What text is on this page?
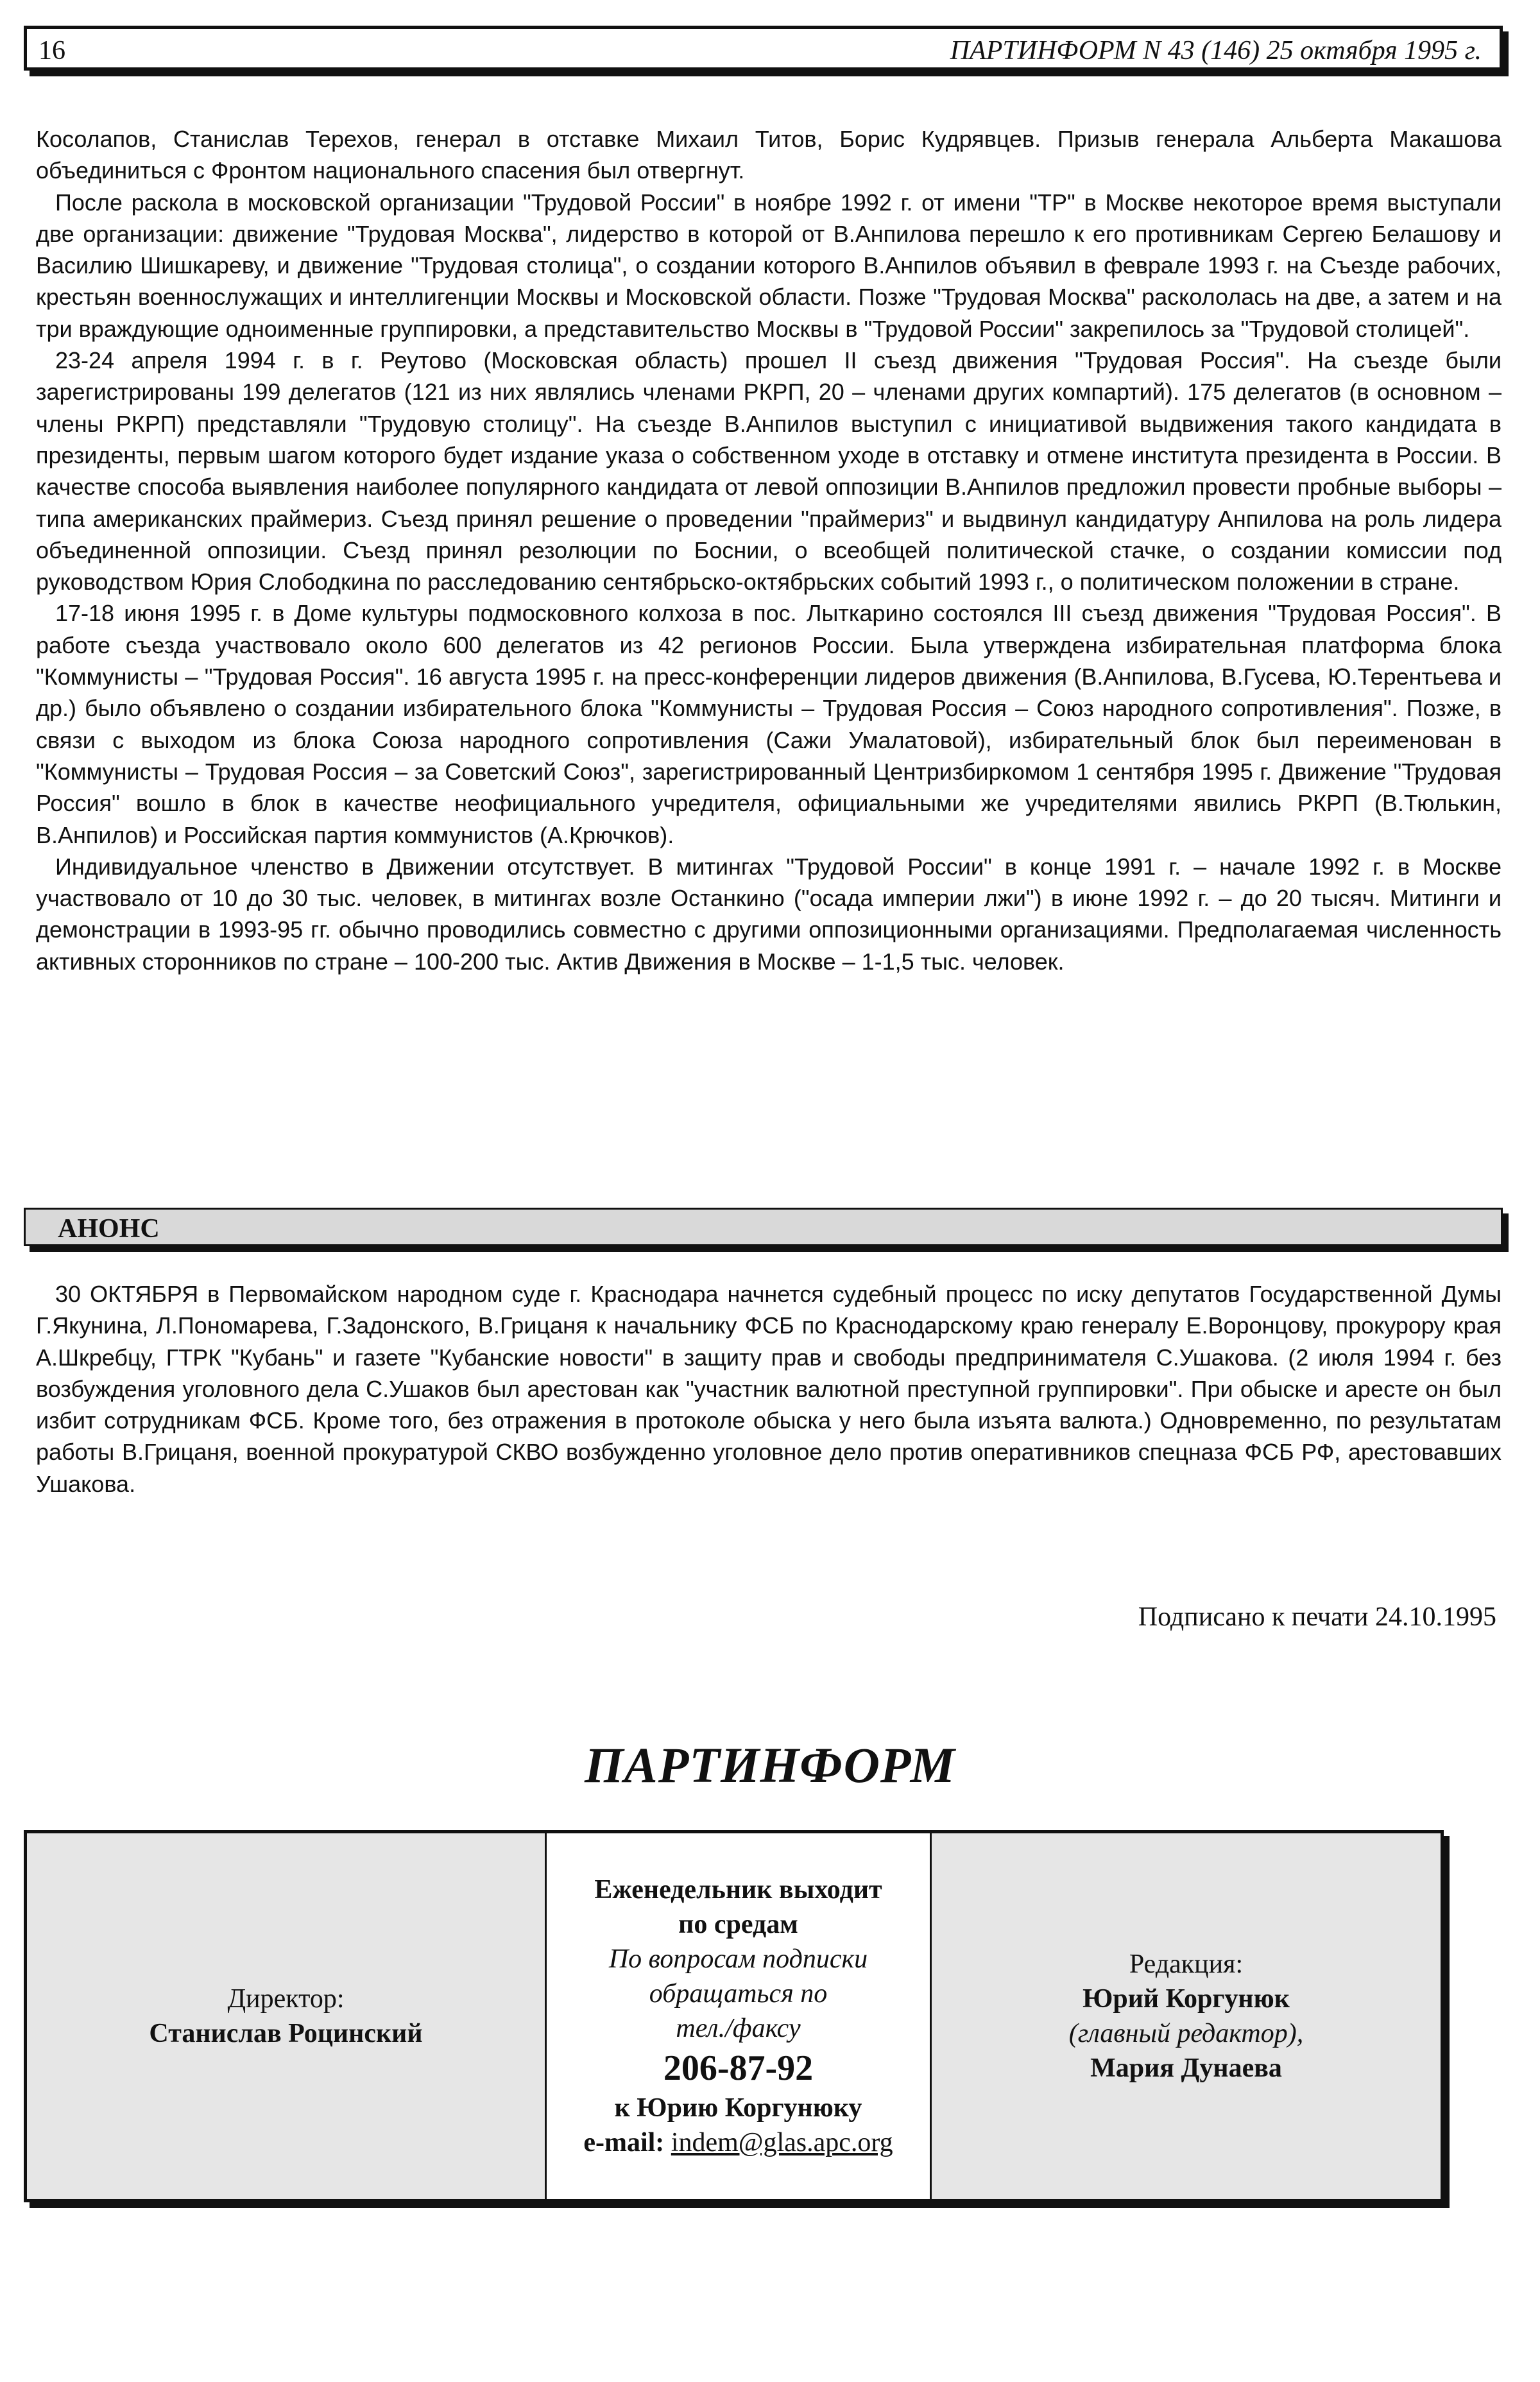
16	ПАРТИНФОРМ N 43 (146) 25 октября 1995 г.

Косолапов, Станислав Терехов, генерал в отставке Михаил Титов, Борис Кудрявцев. Призыв генерала Альберта Макашова объединиться с Фронтом национального спасения был отвергнут.

После раскола в московской организации "Трудовой России" в ноябре 1992 г. от имени "ТР" в Москве некоторое время выступали две организации: движение "Трудовая Москва", лидерство в которой от В.Анпилова перешло к его противникам Сергею Белашову и Василию Шишкареву, и движение "Трудовая столица", о создании которого В.Анпилов объявил в феврале 1993 г. на Съезде рабочих, крестьян военнослужащих и интеллигенции Москвы и Московской области. Позже "Трудовая Москва" раскололась на две, а затем и на три враждующие одноименные группировки, а представительство Москвы в "Трудовой России" закрепилось за "Трудовой столицей".

23-24 апреля 1994 г. в г. Реутово (Московская область) прошел II съезд движения "Трудовая Россия". На съезде были зарегистрированы 199 делегатов (121 из них являлись членами РКРП, 20 – членами других компартий). 175 делегатов (в основном – члены РКРП) представляли "Трудовую столицу". На съезде В.Анпилов выступил с инициативой выдвижения такого кандидата в президенты, первым шагом которого будет издание указа о собственном уходе в отставку и отмене института президента в России. В качестве способа выявления наиболее популярного кандидата от левой оппозиции В.Анпилов предложил провести пробные выборы – типа американских праймериз. Съезд принял решение о проведении "праймериз" и выдвинул кандидатуру Анпилова на роль лидера объединенной оппозиции. Съезд принял резолюции по Боснии, о всеобщей политической стачке, о создании комиссии под руководством Юрия Слободкина по расследованию сентябрьско-октябрьских событий 1993 г., о политическом положении в стране.

17-18 июня 1995 г. в Доме культуры подмосковного колхоза в пос. Лыткарино состоялся III съезд движения "Трудовая Россия". В работе съезда участвовало около 600 делегатов из 42 регионов России. Была утверждена избирательная платформа блока "Коммунисты – "Трудовая Россия". 16 августа 1995 г. на пресс-конференции лидеров движения (В.Анпилова, В.Гусева, Ю.Терентьева и др.) было объявлено о создании избирательного блока "Коммунисты – Трудовая Россия – Союз народного сопротивления". Позже, в связи с выходом из блока Союза народного сопротивления (Сажи Умалатовой), избирательный блок был переименован в "Коммунисты – Трудовая Россия – за Советский Союз", зарегистрированный Центризбиркомом 1 сентября 1995 г. Движение "Трудовая Россия" вошло в блок в качестве неофициального учредителя, официальными же учредителями явились РКРП (В.Тюлькин, В.Анпилов) и Российская партия коммунистов (А.Крючков).

Индивидуальное членство в Движении отсутствует. В митингах "Трудовой России" в конце 1991 г. – начале 1992 г. в Москве участвовало от 10 до 30 тыс. человек, в митингах возле Останкино ("осада империи лжи") в июне 1992 г. – до 20 тысяч. Митинги и демонстрации в 1993-95 гг. обычно проводились совместно с другими оппозиционными организациями. Предполагаемая численность активных сторонников по стране – 100-200 тыс. Актив Движения в Москве – 1-1,5 тыс. человек.

АНОНС

30 ОКТЯБРЯ в Первомайском народном суде г. Краснодара начнется судебный процесс по иску депутатов Государственной Думы Г.Якунина, Л.Пономарева, Г.Задонского, В.Грицаня к начальнику ФСБ по Краснодарскому краю генералу Е.Воронцову, прокурору края А.Шкребцу, ГТРК "Кубань" и газете "Кубанские новости" в защиту прав и свободы предпринимателя С.Ушакова. (2 июля 1994 г. без возбуждения уголовного дела С.Ушаков был арестован как "участник валютной преступной группировки". При обыске и аресте он был избит сотрудникам ФСБ. Кроме того, без отражения в протоколе обыска у него была изъята валюта.) Одновременно, по результатам работы В.Грицаня, военной прокуратурой СКВО возбужденно уголовное дело против оперативников спецназа ФСБ РФ, арестовавших Ушакова.

Подписано к печати 24.10.1995
ПАРТИНФОРМ
Директор:
Станислав Роцинский
Еженедельник выходит
по средам
По вопросам подписки
обращаться по
тел./факсу
206-87-92
к Юрию Коргунюку
e-mail: indem@glas.apc.org
Редакция:
Юрий Коргунюк
(главный редактор),
Мария Дунаева
